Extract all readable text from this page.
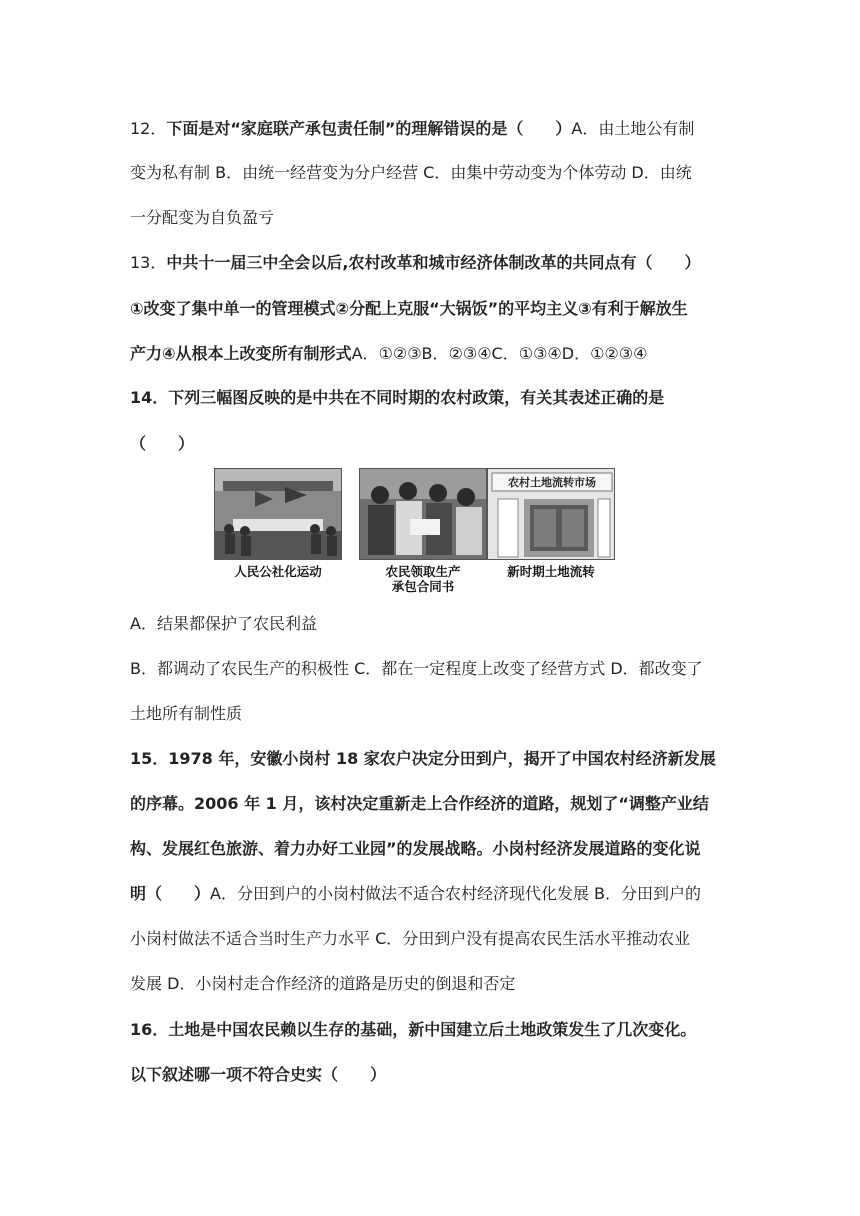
12．下面是对“家庭联产承包责任制”的理解错误的是（　　）A．由土地公有制
变为私有制 B．由统一经营变为分户经营 C．由集中劳动变为个体劳动 D．由统
一分配变为自负盈亏
13．中共十一届三中全会以后,农村改革和城市经济体制改革的共同点有（　　）
①改变了集中单一的管理模式②分配上克服“大锅饭”的平均主义③有利于解放生
产力④从根本上改变所有制形式A．①②③B．②③④C．①③④D．①②③④
14．下列三幅图反映的是中共在不同时期的农村政策，有关其表述正确的是
（　　）
人民公社化运动	农民领取生产
承包合同书
农村土地流转市场
新时期土地流转
A．结果都保护了农民利益
B．都调动了农民生产的积极性 C．都在一定程度上改变了经营方式 D．都改变了
土地所有制性质
15．1978 年，安徽小岗村 18 家农户决定分田到户，揭开了中国农村经济新发展
的序幕。2006 年 1 月，该村决定重新走上合作经济的道路，规划了“调整产业结
构、发展红色旅游、着力办好工业园”的发展战略。小岗村经济发展道路的变化说
明（　　）A．分田到户的小岗村做法不适合农村经济现代化发展 B．分田到户的
小岗村做法不适合当时生产力水平 C．分田到户没有提高农民生活水平推动农业
发展 D．小岗村走合作经济的道路是历史的倒退和否定
16．土地是中国农民赖以生存的基础，新中国建立后土地政策发生了几次变化。
以下叙述哪一项不符合史实（　　）
